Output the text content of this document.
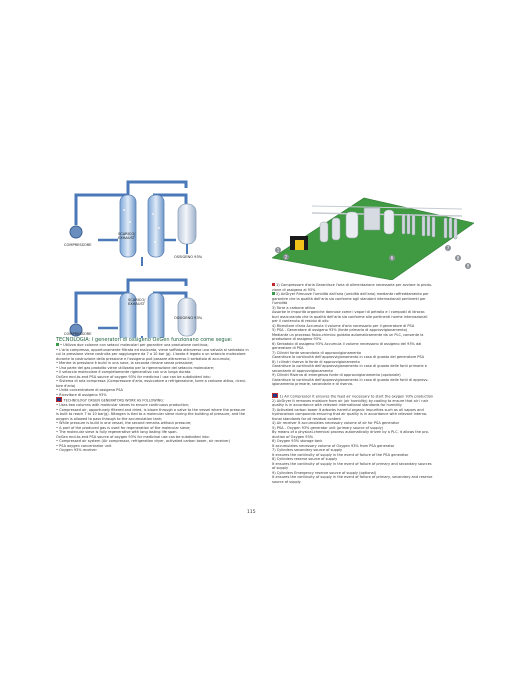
COMPRESSORE
SCARICO/
EXHAUST
OSSIGENO 93%
COMPRESSORE
SCARICO/
EXHAUST
OSSIGENO 93%
1
2	6
7
8
9

TECNOLOGIA: I generatori di ossigeno OxGen funzionano come segue:

• Utilizza due colonne con setacci molecolari per garantire una produzione continua;

• L'aria compressa, opportunamente filtrata ed essiccata, viene soffiata attraverso una valvola al serbatoio in

cui la pressione viene costruita per raggiungere da 7 a 10 bar (g). L'azoto è legato a un setaccio molecolare

durante la costruzione della pressione e l'ossigeno può passare attraverso il serbatoio di accumulo;

• Mentre la pressione è build in una nave, la seconda rimane senza pressione;

• Una parte del gas prodotto viene utilizzata per la rigenerazione del setaccio molecolare;

• Il setaccio molecolare è completamente rigenerativo con una lunga durata.

OxGen end-to-end PSA source of oxygen 93% for medicina l use can be subdivided into:

• Sistema di aria compressa (Compressore d'aria, essiccatore a refrigerazione, torre a carbone attivo, ricevi-

tore d'aria)

• Unità concentratore di ossigeno PSA

• Ricevitore di ossigeno 93%

TECHNOLOGY OXGEN GENERATORS WORK AS FOLLOWING:

• Uses two columns with molecular sieves to ensure continuous production;

• Compressed air, opportunely filtered and dried, is blown through a valve to the vessel where the pressure

is built to reach 7 to 10 bar(g). Nitrogen is tied to a molecular sieve during the building of pressure, and the

oxygen is allowed to pass through to the accumulation tank;

• While pressure is build in one vessel, the second remains without pressure;

• A part of the produced gas is used for regeneration of the molecular sieve;

• The molecular sieve is fully regenerative with long lasting life span.

OxGen end-to-end PSA source of oxygen 93% for medicinal use can be subdivided into:

• Compressed air system (Air compressor, refrigeration dryer, activated carbon tower, air receiver)

• PSA oxygen concentrator unit

• Oxygen 93% receiver

1) Compressore d'aria Garantisce l'aria di alimentazione necessaria per avviare la produ-

zione di ossigeno al 93%

2) AirDryer Rimuove l'umidità dall'aria (umidità dell'aria) mediante raffreddamento per

garantire che la qualità dell'aria sia conforme agli standard internazionali pertinenti per

l'umidità

3) Torre a carbone attivo

Assorbe le impurità organiche dannose come i vapori di petrolio e i composti di idrocar-

buri assicurando che la qualità dell'aria sia conforme alle pertinenti norme internazionali

per il contenuto di residui di olio

4) Ricevitore d'aria Accumula il volume d'aria necessario per il generatore di PSA

5) PSA - Generatore di ossigeno 93% (fonte primaria di approvvigionamento)

Mediante un processo fisico-chimico guidata automaticamente da un PLC, consente la

produzione di ossigeno 93%

6) Serbatoio di ossigeno 93% Accumula il volume necessario di ossigeno del 93% dal

generatore di PSA

7) Cilindri fonte secondaria di approvvigionamento

Garantisce la continuità dell'approvvigionamento in caso di guasto del generatore PSA

8) I cilindri riserva la fonte di approvvigionamento

Garantisce la continuità dell'approvvigionamento in caso di guasto delle fonti primarie e

secondarie di approvvigionamento

9) Cilindri Riserva di emergenza fonte di approvvigionamento (opzionale)

Garantisce la continuità dell'approvvigionamento in caso di guasto delle fonti di approvv-

igionamento primarie, secondarie e di riserva.

1) Air Compressor It ensures the feed air necessary to start the oxygen 93% production

2) AirDryer It removes moisture from air (air humidity) by cooling to ensure that air i nair

quality is in accordance with relevant international standards for humidity

3) Activated carbon tower It adsorbs harmful organic impurities such as oil vapors and

hydrocarbon compounds ensuring that air quality is in accordance with relevant interna-

tional standards for oil residual content

4) Air receiver It accumulates necessary volume of air for PSA generator

5) PSA - Oxygen 93% generator unit (primary source of supply)

By means of a physical-chemical process automatically driven by a PLC, it allows the pro-

duction of Oxygen 93%

6) Oxygen 93% storage tank

It accumulates necessary volume of Oxygen 93% from PSA generator

7) Cylinders secondary source of supply

It ensures the continuity of supply in the event of failure of the PSA generator

8) Cylinders reserve source of supply

It ensures the continuity of supply in the event of failure of primary and secondary sources

of supply

9) Cylinders Emergency reserve source of supply (optional)

It ensures the continuity of supply in the event of failure of primary, secondary and reserve

source of supply

115
